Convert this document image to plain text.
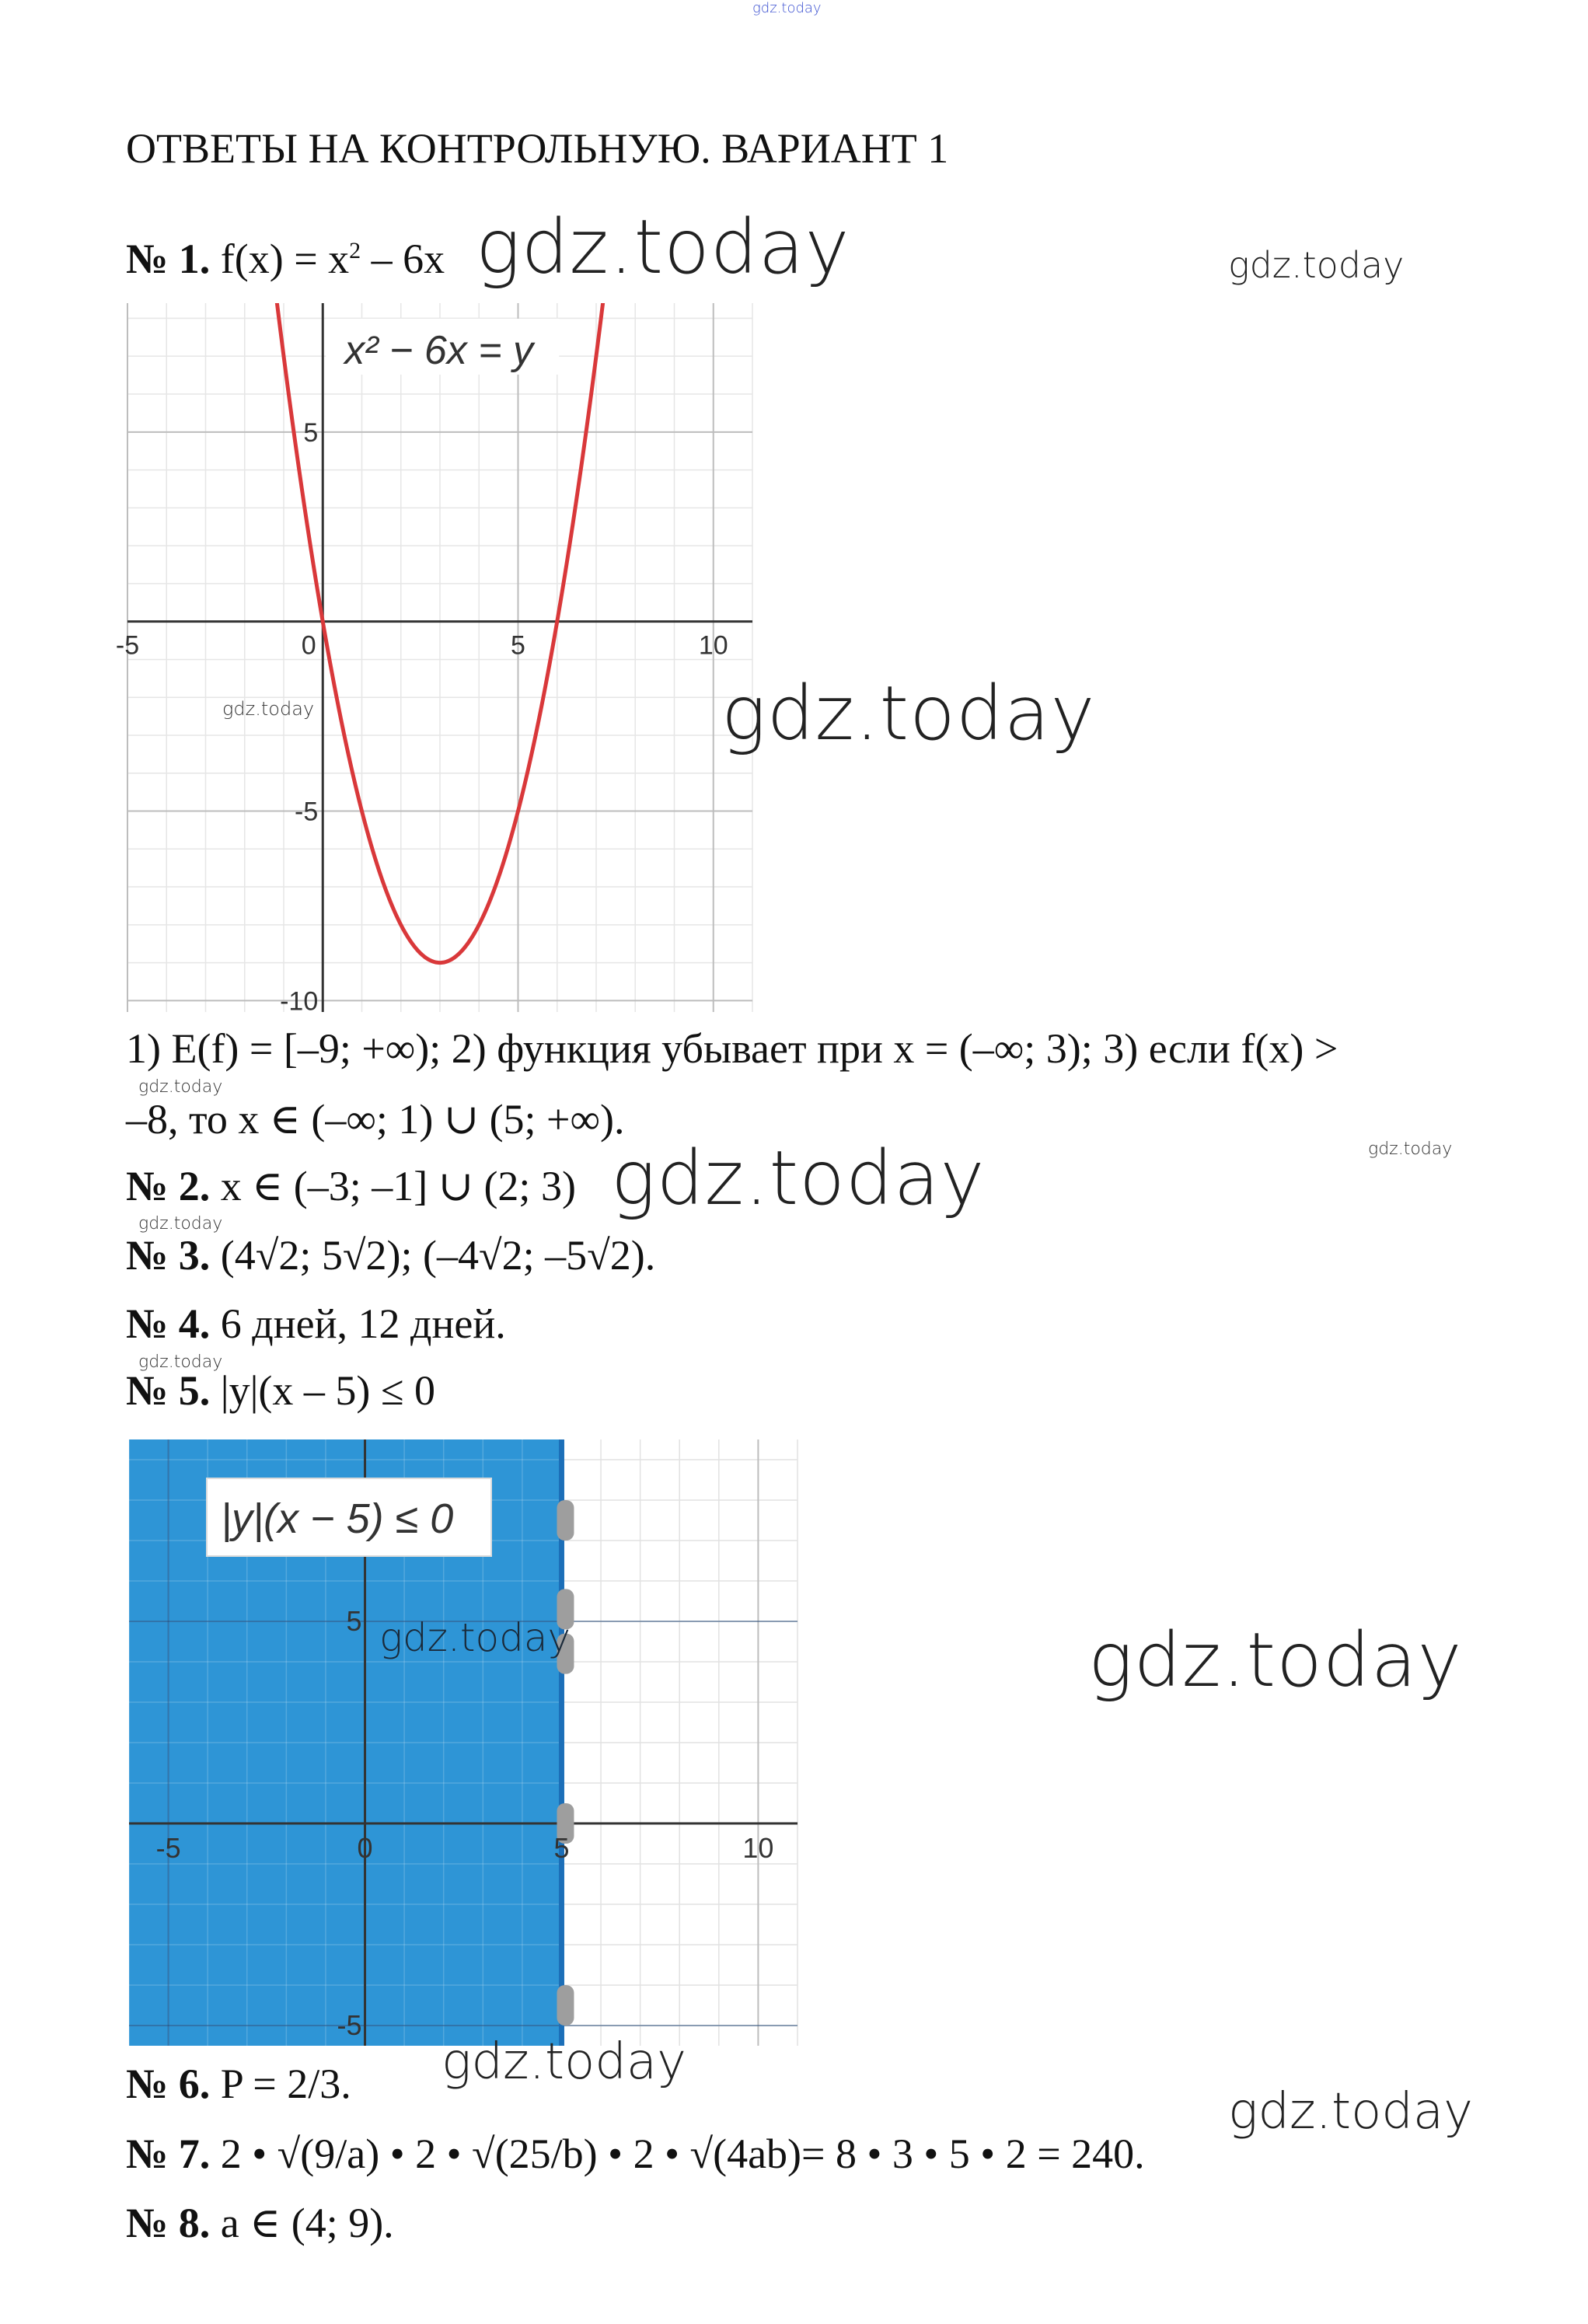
gdz.today
ОТВЕТЫ НА КОНТРОЛЬНУЮ. ВАРИАНТ 1
№ 1. $f(x) = x^2 - 6x$ gdz.today	gdz.today
-5	0	5	10
5
-5
-10
x² − 6x = y
gdz.today	gdz.today
1) E(f) = [–9; +∞); 2) функция убывает при x = (–∞; 3); 3) если f(x) >
gdz.today
–8, то x ∈ (–∞; 1) ∪ (5; +∞).
gdz.today
№ 2. x ∈ (–3; –1] ∪ (2; 3) gdz.today
gdz.today
№ 3. (4√2; 5√2); (–4√2; –5√2).
№ 4. 6 дней, 12 дней.
gdz.today
№ 5. |y|(x – 5) ≤ 0
-5	0	5	10
5
-5
|y|(x − 5) ≤ 0
gdz.today	gdz.today
№ 6. P = 2/3. gdz.today
№ 7. 2 • √(9/a) • 2 • √(25/b) • 2 • √(4ab)= 8 • 3 • 5 • 2 = 240.
gdz.today
№ 8. a ∈ (4; 9).
